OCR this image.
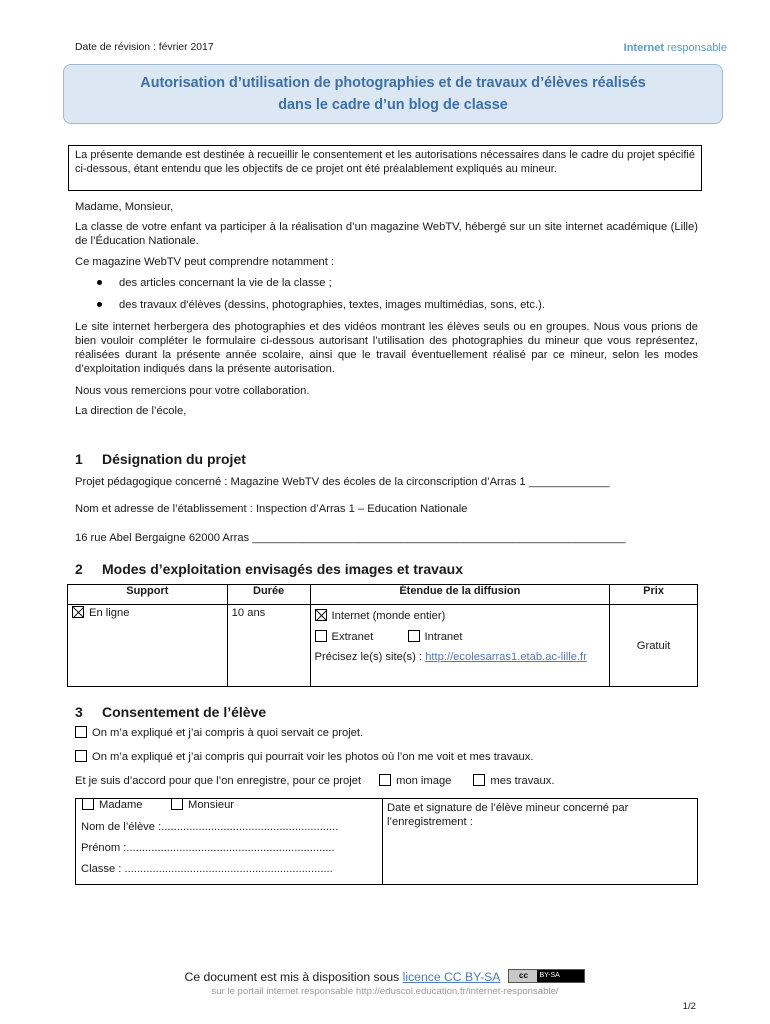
Date de révision : février 2017	Internet responsable
Autorisation d’utilisation de photographies et de travaux d’élèves réalisés
dans le cadre d’un blog de classe
La présente demande est destinée à recueillir le consentement et les autorisations nécessaires dans le cadre du projet spécifié ci-dessous, étant entendu que les objectifs de ce projet ont été préalablement expliqués au mineur.
Madame, Monsieur,
La classe de votre enfant va participer à la réalisation d’un magazine WebTV, hébergé sur un site internet académique (Lille) de l’Éducation Nationale.
Ce magazine WebTV peut comprendre notamment :
des articles concernant la vie de la classe ;
des travaux d’élèves (dessins, photographies, textes, images multimédias, sons, etc.).
Le site internet herbergera des photographies et des vidéos montrant les élèves seuls ou en groupes. Nous vous prions de bien vouloir compléter le formulaire ci-dessous autorisant l’utilisation des photographies du mineur que vous représentez, réalisées durant la présente année scolaire, ainsi que le travail éventuellement réalisé par ce mineur, selon les modes d’exploitation indiqués dans la présente autorisation.
Nous vous remercions pour votre collaboration.
La direction de l’école,
1 Désignation du projet
Projet pédagogique concerné : Magazine WebTV des écoles de la circonscription d’Arras 1 _____________
Nom et adresse de l’établissement : Inspection d’Arras 1 – Education Nationale
16 rue Abel Bergaigne 62000 Arras ____________________________________________________________
2 Modes d’exploitation envisagés des images et travaux
Support	Durée	Étendue de la diffusion	Prix
En ligne	10 ans	Internet (monde entier)
Extranet Intranet
Précisez le(s) site(s) : http://ecolesarras1.etab.ac-lille.fr	Gratuit
3 Consentement de l’élève
On m’a expliqué et j’ai compris à quoi servait ce projet.
On m’a expliqué et j’ai compris qui pourrait voir les photos où l’on me voit et mes travaux.
Et je suis d’accord pour que l’on enregistre, pour ce projet	mon image	mes travaux.
Madame	Monsieur
Nom de l’élève :.........................................................
Prénom :...................................................................
Classe : ...................................................................
Date et signature de l’élève mineur concerné par l’enregistrement :
Ce document est mis à disposition sous licence CC BY-SA	cc	BY-SA
sur le portail internet responsable http://eduscol.education.fr/internet-responsable/
1/2
